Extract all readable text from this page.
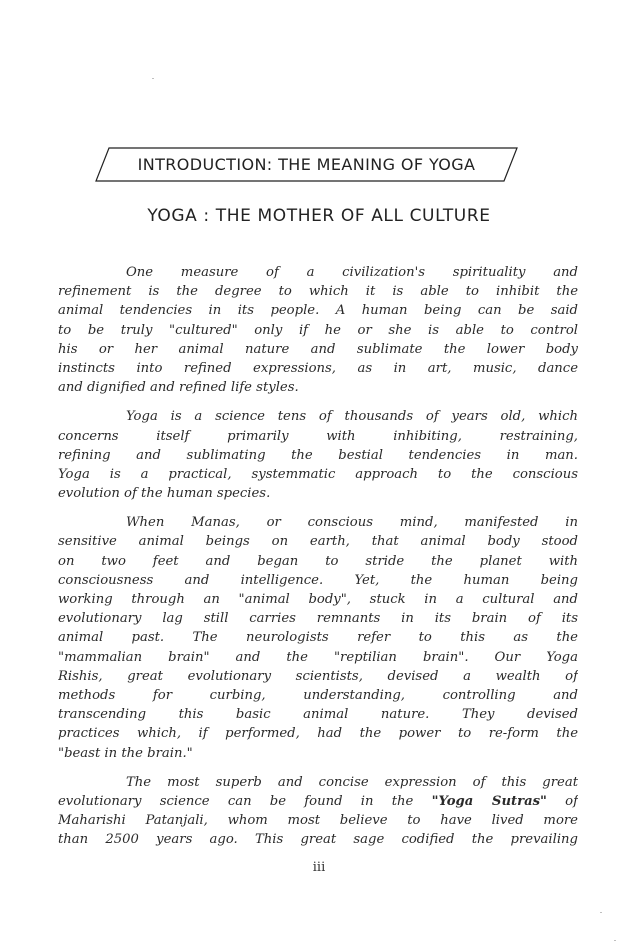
INTRODUCTION: THE MEANING OF YOGA
YOGA : THE MOTHER OF ALL CULTURE
One measure of a civilization's spirituality and
refinement is the degree to which it is able to inhibit the
animal tendencies in its people. A human being can be said
to be truly "cultured" only if he or she is able to control
his or her animal nature and sublimate the lower body
instincts into refined expressions, as in art, music, dance
and dignified and refined life styles.
Yoga is a science tens of thousands of years old, which
concerns itself primarily with inhibiting, restraining,
refining and sublimating the bestial tendencies in man.
Yoga is a practical, systemmatic approach to the conscious
evolution of the human species.
When Manas, or conscious mind, manifested in
sensitive animal beings on earth, that animal body stood
on two feet and began to stride the planet with
consciousness and intelligence. Yet, the human being
working through an "animal body", stuck in a cultural and
evolutionary lag still carries remnants in its brain of its
animal past. The neurologists refer to this as the
"mammalian brain" and the "reptilian brain". Our Yoga
Rishis, great evolutionary scientists, devised a wealth of
methods for curbing, understanding, controlling and
transcending this basic animal nature. They devised
practices which, if performed, had the power to re-form the
"beast in the brain."
The most superb and concise expression of this great
evolutionary science can be found in the "Yoga Sutras" of
Maharishi Patanjali, whom most believe to have lived more
than 2500 years ago. This great sage codified the prevailing
iii
